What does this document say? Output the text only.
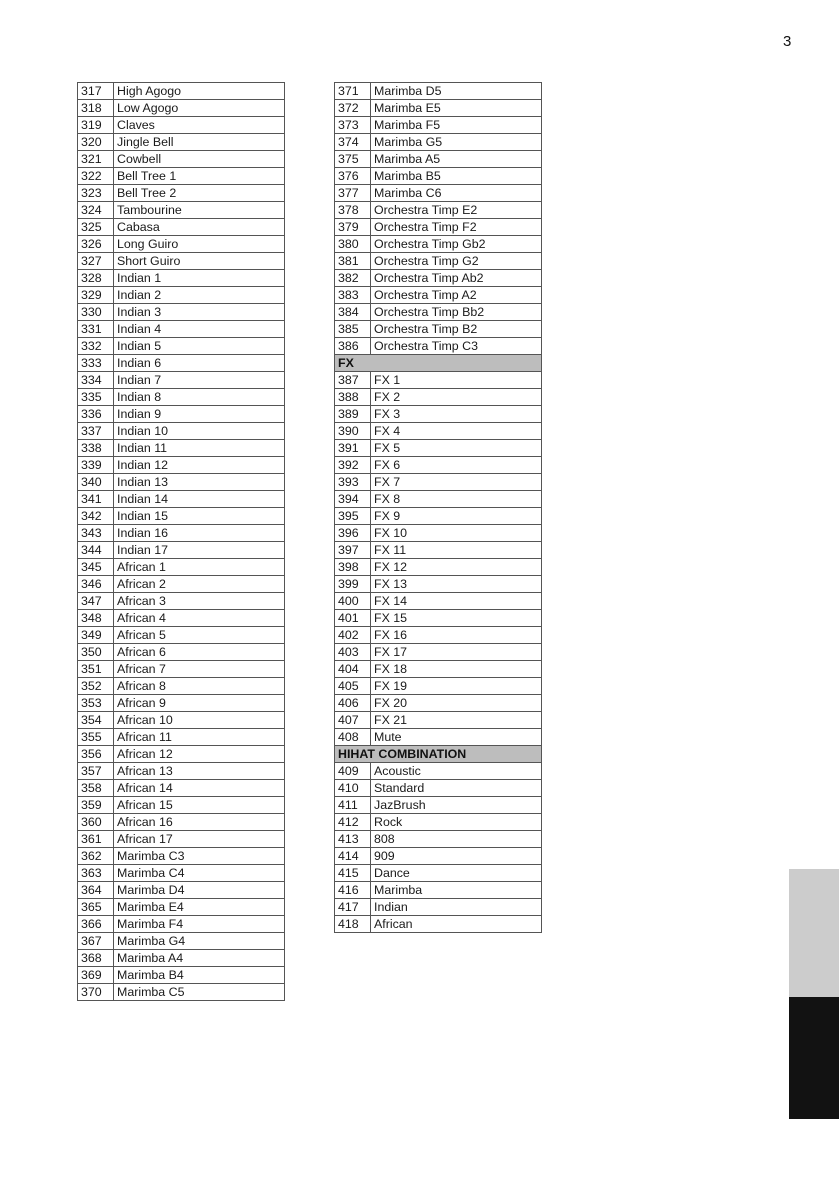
3
317	High Agogo
318	Low Agogo
319	Claves
320	Jingle Bell
321	Cowbell
322	Bell Tree 1
323	Bell Tree 2
324	Tambourine
325	Cabasa
326	Long Guiro
327	Short Guiro
328	Indian 1
329	Indian 2
330	Indian 3
331	Indian 4
332	Indian 5
333	Indian 6
334	Indian 7
335	Indian 8
336	Indian 9
337	Indian 10
338	Indian 11
339	Indian 12
340	Indian 13
341	Indian 14
342	Indian 15
343	Indian 16
344	Indian 17
345	African 1
346	African 2
347	African 3
348	African 4
349	African 5
350	African 6
351	African 7
352	African 8
353	African 9
354	African 10
355	African 11
356	African 12
357	African 13
358	African 14
359	African 15
360	African 16
361	African 17
362	Marimba C3
363	Marimba C4
364	Marimba D4
365	Marimba E4
366	Marimba F4
367	Marimba G4
368	Marimba A4
369	Marimba B4
370	Marimba C5
371	Marimba D5
372	Marimba E5
373	Marimba F5
374	Marimba G5
375	Marimba A5
376	Marimba B5
377	Marimba C6
378	Orchestra Timp E2
379	Orchestra Timp F2
380	Orchestra Timp Gb2
381	Orchestra Timp G2
382	Orchestra Timp Ab2
383	Orchestra Timp A2
384	Orchestra Timp Bb2
385	Orchestra Timp B2
386	Orchestra Timp C3
FX	
387	FX 1
388	FX 2
389	FX 3
390	FX 4
391	FX 5
392	FX 6
393	FX 7
394	FX 8
395	FX 9
396	FX 10
397	FX 11
398	FX 12
399	FX 13
400	FX 14
401	FX 15
402	FX 16
403	FX 17
404	FX 18
405	FX 19
406	FX 20
407	FX 21
408	Mute
HIHAT COMBINATION	
409	Acoustic
410	Standard
411	JazBrush
412	Rock
413	808
414	909
415	Dance
416	Marimba
417	Indian
418	African
